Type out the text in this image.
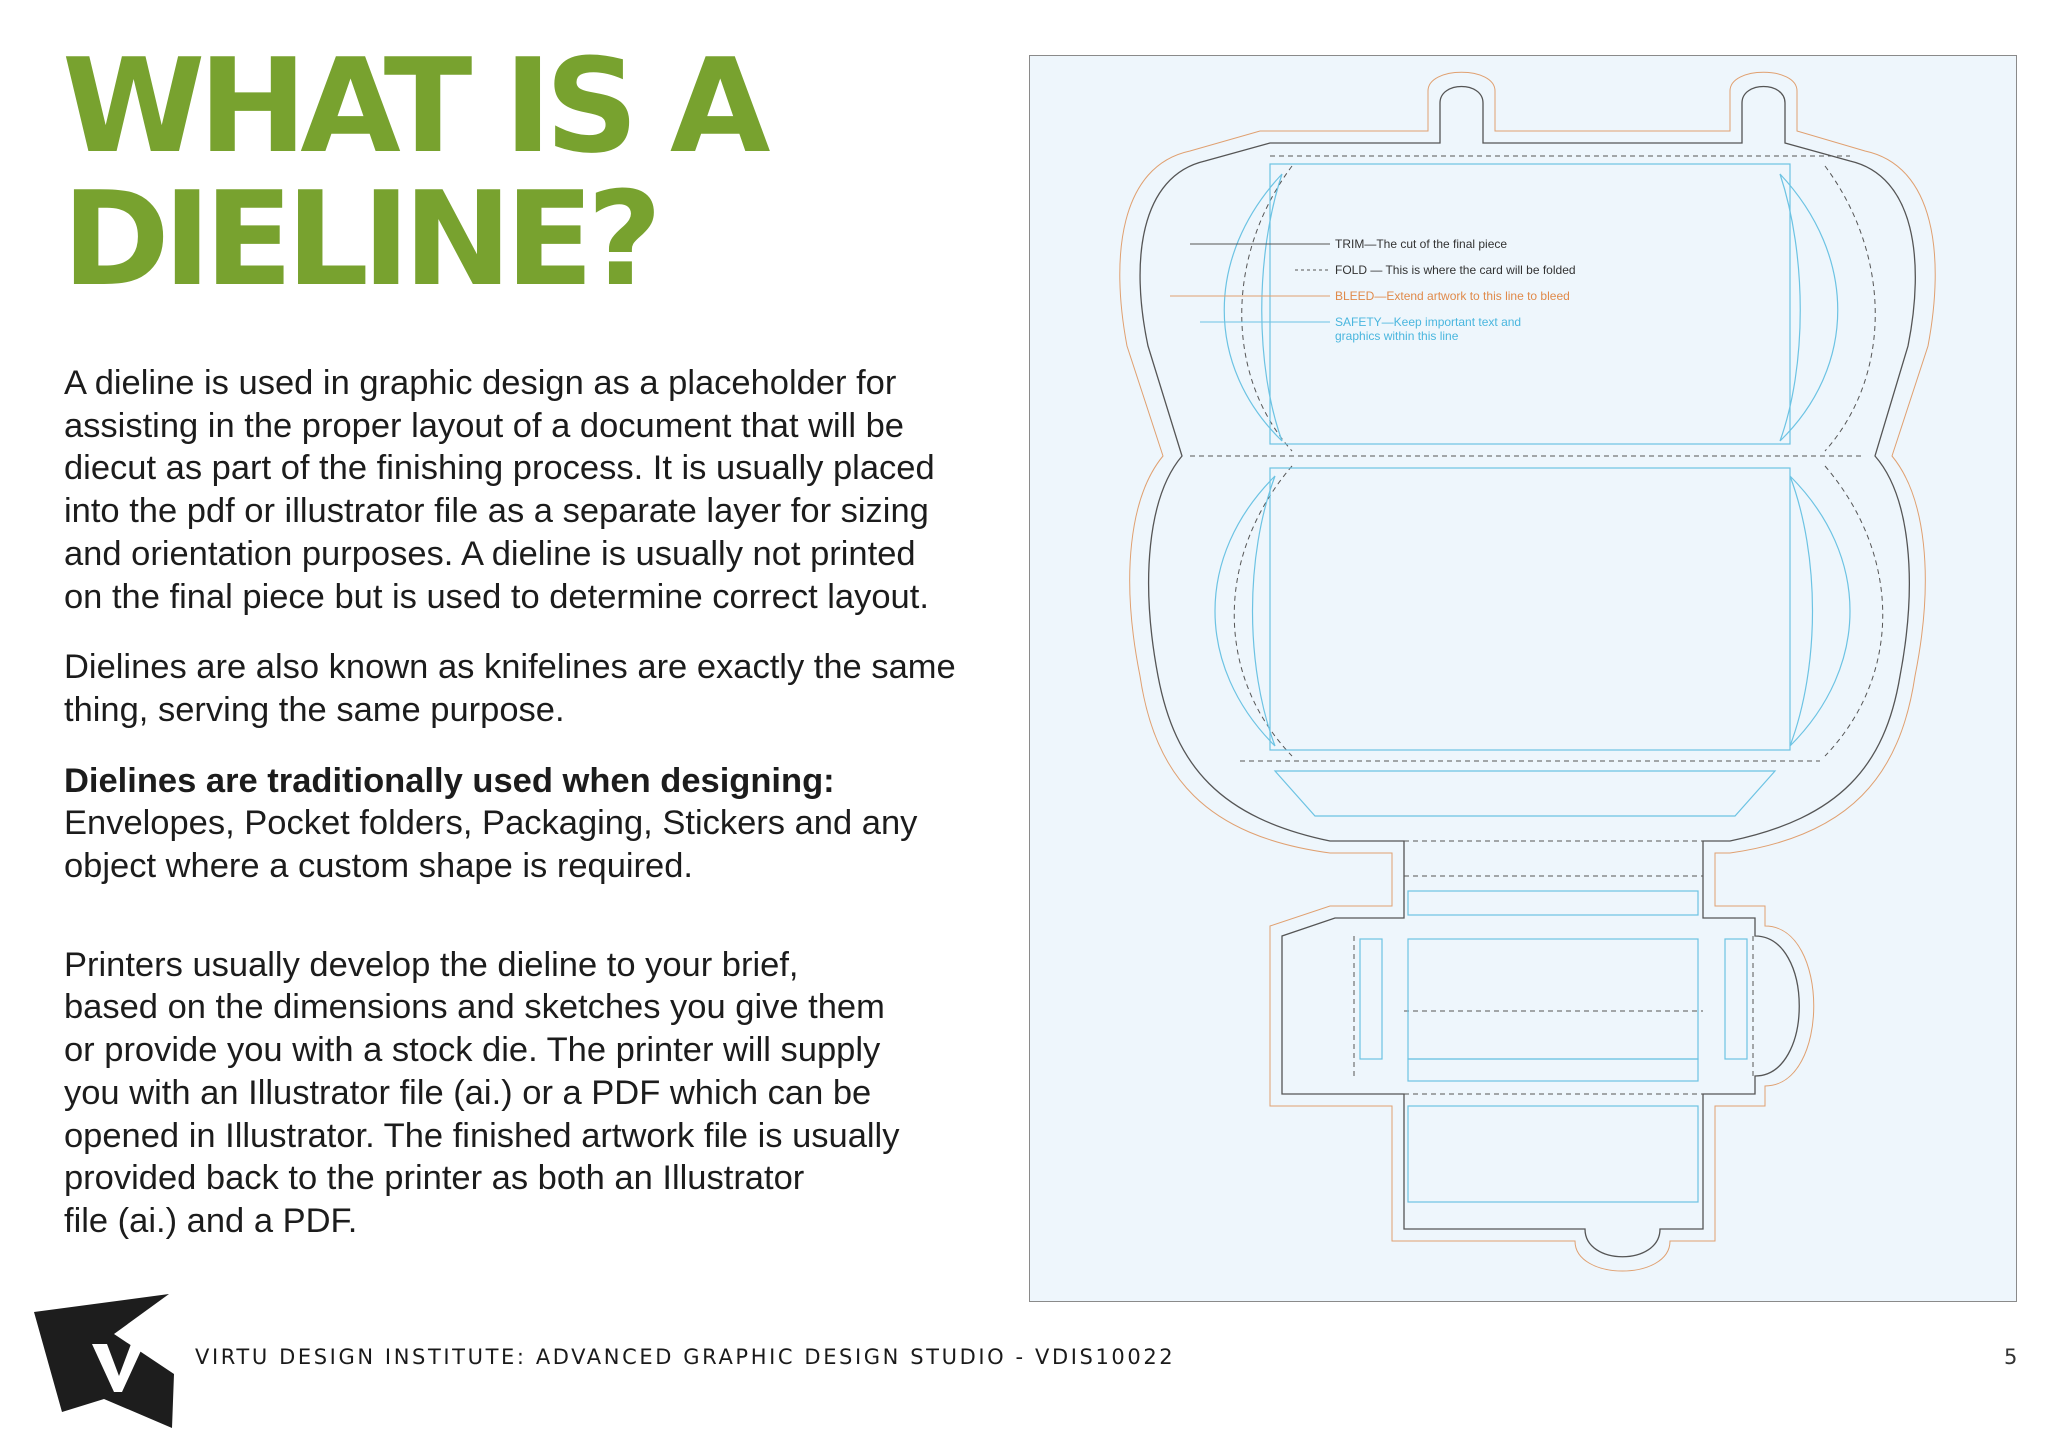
WHAT IS A
DIELINE?

A dieline is used in graphic design as a placeholder for
assisting in the proper layout of a document that will be
diecut as part of the finishing process. It is usually placed
into the pdf or illustrator file as a separate layer for sizing
and orientation purposes. A dieline is usually not printed
on the final piece but is used to determine correct layout.

Dielines are also known as knifelines are exactly the same
thing, serving the same purpose.

Dielines are traditionally used when designing:
Envelopes, Pocket folders, Packaging, Stickers and any
object where a custom shape is required.

Printers usually develop the dieline to your brief,
based on the dimensions and sketches you give them
or provide you with a stock die. The printer will supply
you with an Illustrator file (ai.) or a PDF which can be
opened in Illustrator. The finished artwork file is usually
provided back to the printer as both an Illustrator
file (ai.) and a PDF.

TRIM—The cut of the final piece
FOLD — This is where the card will be folded
BLEED—Extend artwork to this line to bleed
SAFETY—Keep important text and
graphics within this line
VIRTU DESIGN INSTITUTE: ADVANCED GRAPHIC DESIGN STUDIO - VDIS10022	5
